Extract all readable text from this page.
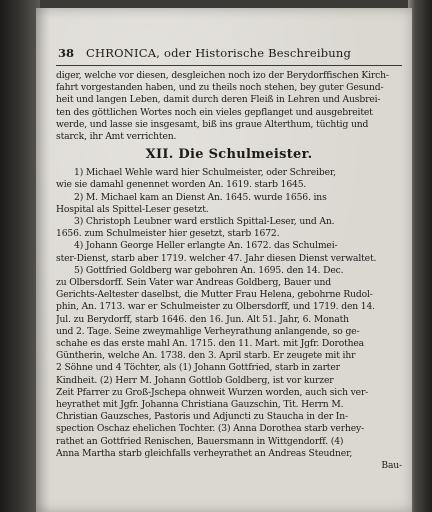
38 CHRONICA, oder Historische Beschreibung
diger, welche vor diesen, desgleichen noch izo der Berydorffischen Kirch-
fahrt vorgestanden haben, und zu theils noch stehen, bey guter Gesund-
heit und langen Leben, damit durch deren Fleiß in Lehren und Ausbrei-
ten des göttlichen Wortes noch ein vieles gepflanget und ausgebreitet
werde, und lasse sie insgesamt, biß ins graue Alterthum, tüchtig und
starck, ihr Amt verrichten.
XII. Die Schulmeister.
1) Michael Wehle ward hier Schulmeister, oder Schreiber,
wie sie damahl genennet worden An. 1619. starb 1645.
2) M. Michael kam an Dienst An. 1645. wurde 1656. ins
Hospital als Spittel-Leser gesetzt.
3) Christoph Leubner ward erstlich Spittal-Leser, und An.
1656. zum Schulmeister hier gesetzt, starb 1672.
4) Johann George Heller erlangte An. 1672. das Schulmei-
ster-Dienst, starb aber 1719. welcher 47. Jahr diesen Dienst verwaltet.
5) Gottfried Goldberg war gebohren An. 1695. den 14. Dec.
zu Olbersdorff. Sein Vater war Andreas Goldberg, Bauer und
Gerichts-Aeltester daselbst, die Mutter Frau Helena, gebohrne Rudol-
phin, An. 1713. war er Schulmeister zu Olbersdorff, und 1719. den 14.
Jul. zu Berydorff, starb 1646. den 16. Jun. Alt 51. Jahr, 6. Monath
und 2. Tage. Seine zweymahlige Verheyrathung anlangende, so ge-
schahe es das erste mahl An. 1715. den 11. Mart. mit Jgfr. Dorothea
Güntherin, welche An. 1738. den 3. April starb. Er zeugete mit ihr
2 Söhne und 4 Töchter, als (1) Johann Gottfried, starb in zarter
Kindheit. (2) Herr M. Johann Gottlob Goldberg, ist vor kurzer
Zeit Pfarrer zu Groß-Jschepa ohnweit Wurzen worden, auch sich ver-
heyrathet mit Jgfr. Johanna Christiana Gauzschin, Tit. Herrn M.
Christian Gauzsches, Pastoris und Adjuncti zu Staucha in der In-
spection Oschaz ehelichen Tochter. (3) Anna Dorothea starb verhey-
rathet an Gottfried Renischen, Bauersmann in Wittgendorff. (4)
Anna Martha starb gleichfalls verheyrathet an Andreas Steudner,
Bau-
